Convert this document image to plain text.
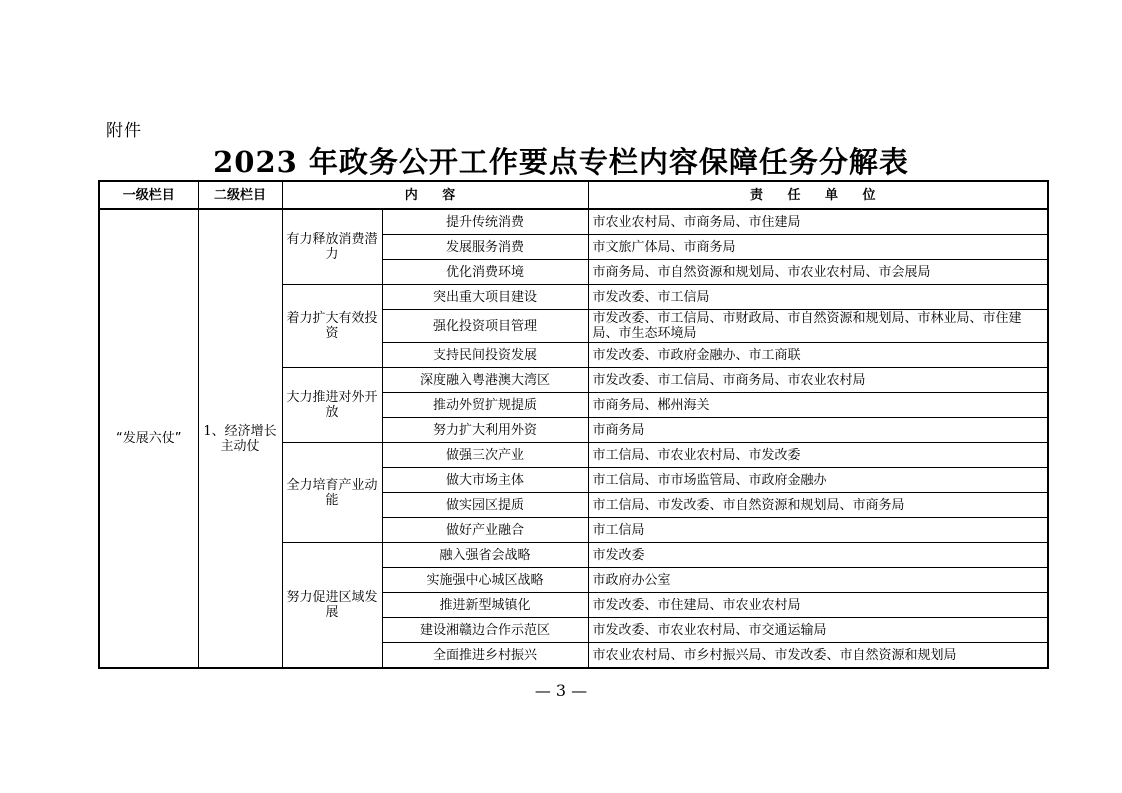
附件
2023 年政务公开工作要点专栏内容保障任务分解表
一级栏目	二级栏目	内 容		责 任 单 位
“发展六仗”	1、经济增长主动仗	有力释放消费潜力	提升传统消费	市农业农村局、市商务局、市住建局
			发展服务消费	市文旅广体局、市商务局
			优化消费环境	市商务局、市自然资源和规划局、市农业农村局、市会展局
		着力扩大有效投资	突出重大项目建设	市发改委、市工信局
			强化投资项目管理	市发改委、市工信局、市财政局、市自然资源和规划局、市林业局、市住建局、市生态环境局
			支持民间投资发展	市发改委、市政府金融办、市工商联
		大力推进对外开放	深度融入粤港澳大湾区	市发改委、市工信局、市商务局、市农业农村局
			推动外贸扩规提质	市商务局、郴州海关
			努力扩大利用外资	市商务局
		全力培育产业动能	做强三次产业	市工信局、市农业农村局、市发改委
			做大市场主体	市工信局、市市场监管局、市政府金融办
			做实园区提质	市工信局、市发改委、市自然资源和规划局、市商务局
			做好产业融合	市工信局
		努力促进区域发展	融入强省会战略	市发改委
			实施强中心城区战略	市政府办公室
			推进新型城镇化	市发改委、市住建局、市农业农村局
			建设湘赣边合作示范区	市发改委、市农业农村局、市交通运输局
			全面推进乡村振兴	市农业农村局、市乡村振兴局、市发改委、市自然资源和规划局
— 3 —
